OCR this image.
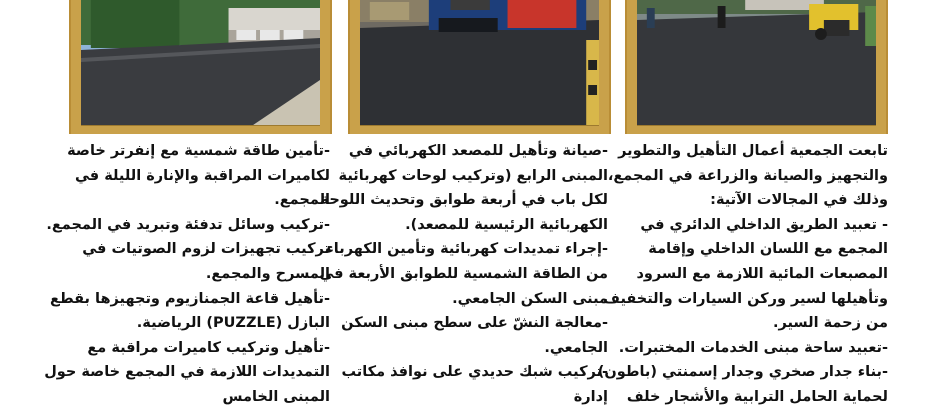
تابعت الجمعية أعمال التأهيل والتطوير
والتجهيز والصيانة والزراعة في المجمع،
وذلك في المجالات الآتية:
- تعبيد الطريق الداخلي الدائري في
المجمع مع اللسان الداخلي وإقامة
المصبعات المائية اللازمة مع السرود
وتأهيلها لسير وركن السيارات والتخفيف
من زحمة السير.
-تعبيد ساحة مبنى الخدمات المختبرات.
-بناء جدار صخري وجدار إسمنتي (باطون)
لحماية الحامل الترابية والأشجار خلف
-صيانة وتأهيل للمصعد الكهربائي في
المبنى الرابع (وتركيب لوحات كهربائية
لكل باب في أربعة طوابق وتحديث اللوحة
الكهربائية الرئيسية للمصعد).
-إجراء تمديدات كهربائية وتأمين الكهرباء
من الطاقة الشمسية للطوابق الأربعة في
مبنى السكن الجامعي.
-معالجة النشّ على سطح مبنى السكن
الجامعي.
-تركيب شبك حديدي على نوافذ مكاتب
إدارة
-تأمين طاقة شمسية مع إنفرتر خاصة
لكاميرات المراقبة والإنارة الليلة في
المجمع.
-تركيب وسائل تدفئة وتبريد في المجمع.
تركيب تجهيزات لزوم الصوتيات في
المسرح والمجمع.
-تأهيل قاعة الجمنازيوم وتجهيزها بقطع
البازل (PUZZLE) الرياضية.
-تأهيل وتركيب كاميرات مراقبة مع
التمديدات اللازمة في المجمع خاصة حول
المبنى الخامس
